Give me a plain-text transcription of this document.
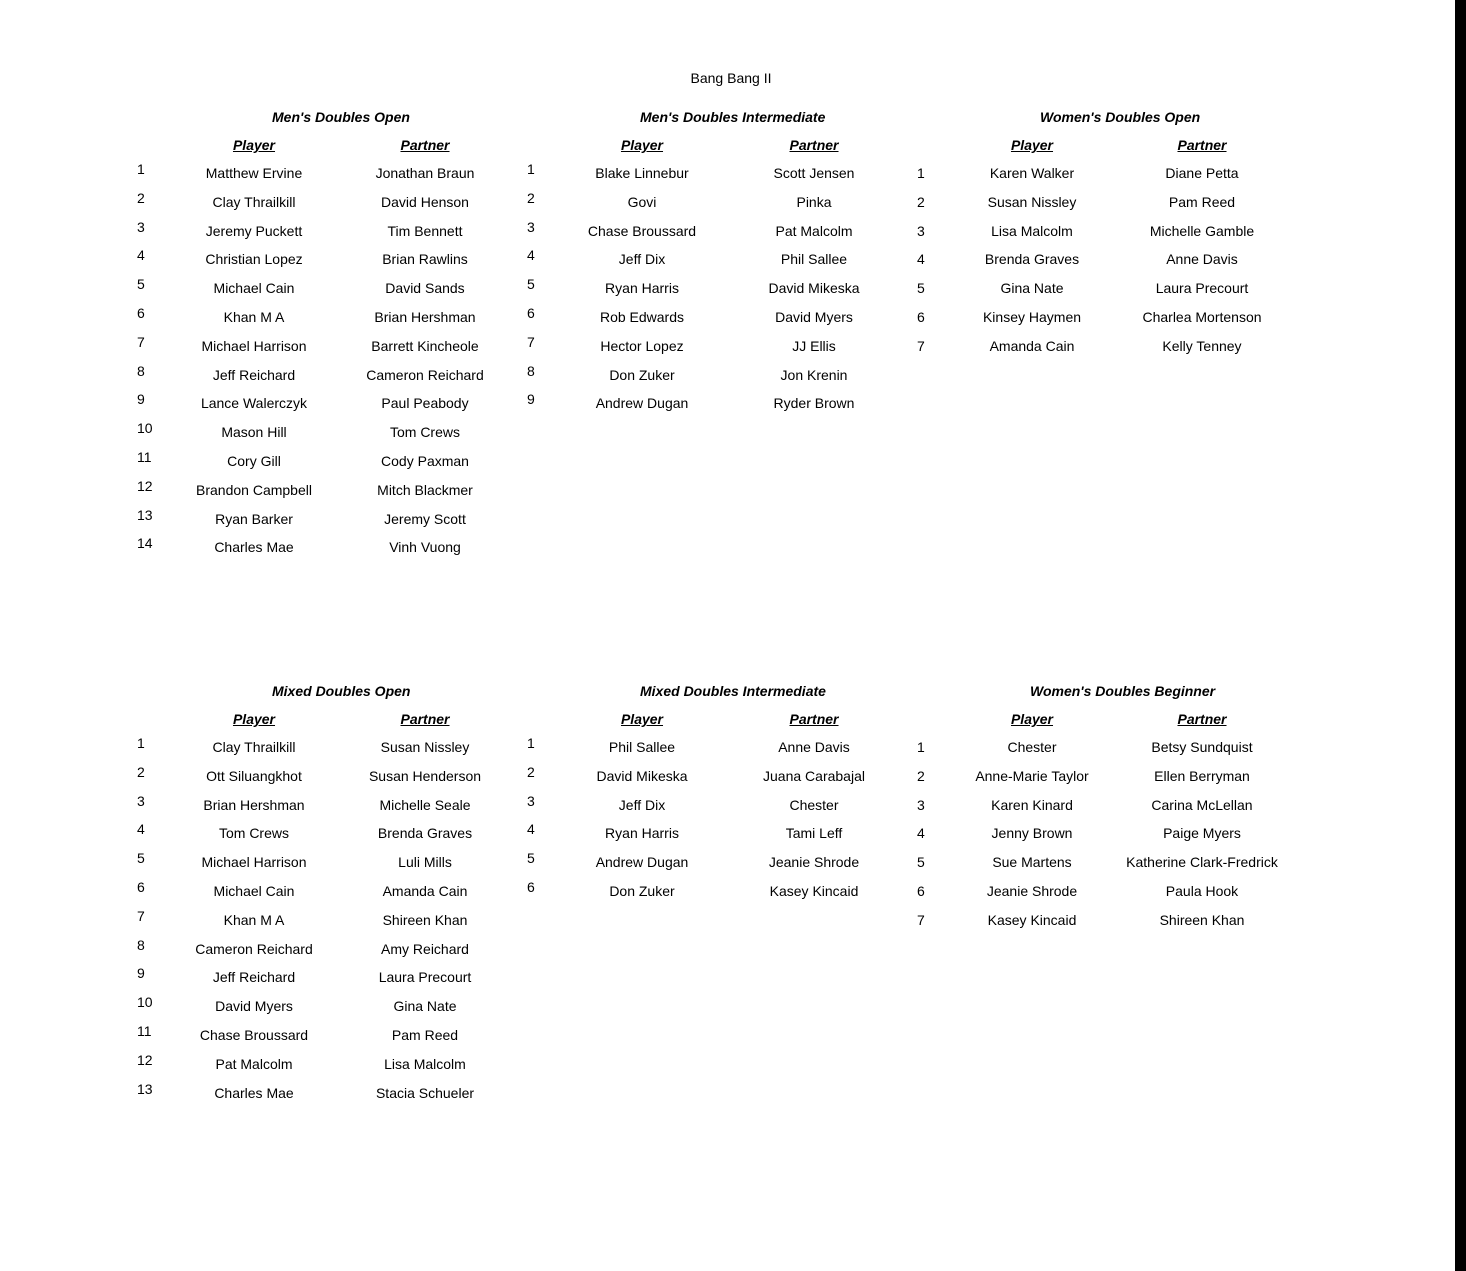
Bang Bang II
Men's Doubles Open
Player	Partner
1	Matthew Ervine	Jonathan Braun
2	Clay Thrailkill	David Henson
3	Jeremy Puckett	Tim Bennett
4	Christian Lopez	Brian Rawlins
5	Michael Cain	David Sands
6	Khan M A	Brian Hershman
7	Michael Harrison	Barrett Kincheole
8	Jeff Reichard	Cameron Reichard
9	Lance Walerczyk	Paul Peabody
10	Mason Hill	Tom Crews
11	Cory Gill	Cody Paxman
12	Brandon Campbell	Mitch Blackmer
13	Ryan Barker	Jeremy Scott
14	Charles Mae	Vinh Vuong
Men's Doubles Intermediate
Player	Partner
1	Blake Linnebur	Scott Jensen
2	Govi	Pinka
3	Chase Broussard	Pat Malcolm
4	Jeff Dix	Phil Sallee
5	Ryan Harris	David Mikeska
6	Rob Edwards	David Myers
7	Hector Lopez	JJ Ellis
8	Don Zuker	Jon Krenin
9	Andrew Dugan	Ryder Brown
Women's Doubles Open
Player	Partner
1	Karen Walker	Diane Petta
2	Susan Nissley	Pam Reed
3	Lisa Malcolm	Michelle Gamble
4	Brenda Graves	Anne Davis
5	Gina Nate	Laura Precourt
6	Kinsey Haymen	Charlea Mortenson
7	Amanda Cain	Kelly Tenney
Mixed Doubles Open
Player	Partner
1	Clay Thrailkill	Susan Nissley
2	Ott Siluangkhot	Susan Henderson
3	Brian Hershman	Michelle Seale
4	Tom Crews	Brenda Graves
5	Michael Harrison	Luli Mills
6	Michael Cain	Amanda Cain
7	Khan M A	Shireen Khan
8	Cameron Reichard	Amy Reichard
9	Jeff Reichard	Laura Precourt
10	David Myers	Gina Nate
11	Chase Broussard	Pam Reed
12	Pat Malcolm	Lisa Malcolm
13	Charles Mae	Stacia Schueler
Mixed Doubles Intermediate
Player	Partner
1	Phil Sallee	Anne Davis
2	David Mikeska	Juana Carabajal
3	Jeff Dix	Chester
4	Ryan Harris	Tami Leff
5	Andrew Dugan	Jeanie Shrode
6	Don Zuker	Kasey Kincaid
Women's Doubles Beginner
Player	Partner
1	Chester	Betsy Sundquist
2	Anne-Marie Taylor	Ellen Berryman
3	Karen Kinard	Carina McLellan
4	Jenny Brown	Paige Myers
5	Sue Martens	Katherine Clark-Fredrick
6	Jeanie Shrode	Paula Hook
7	Kasey Kincaid	Shireen Khan
